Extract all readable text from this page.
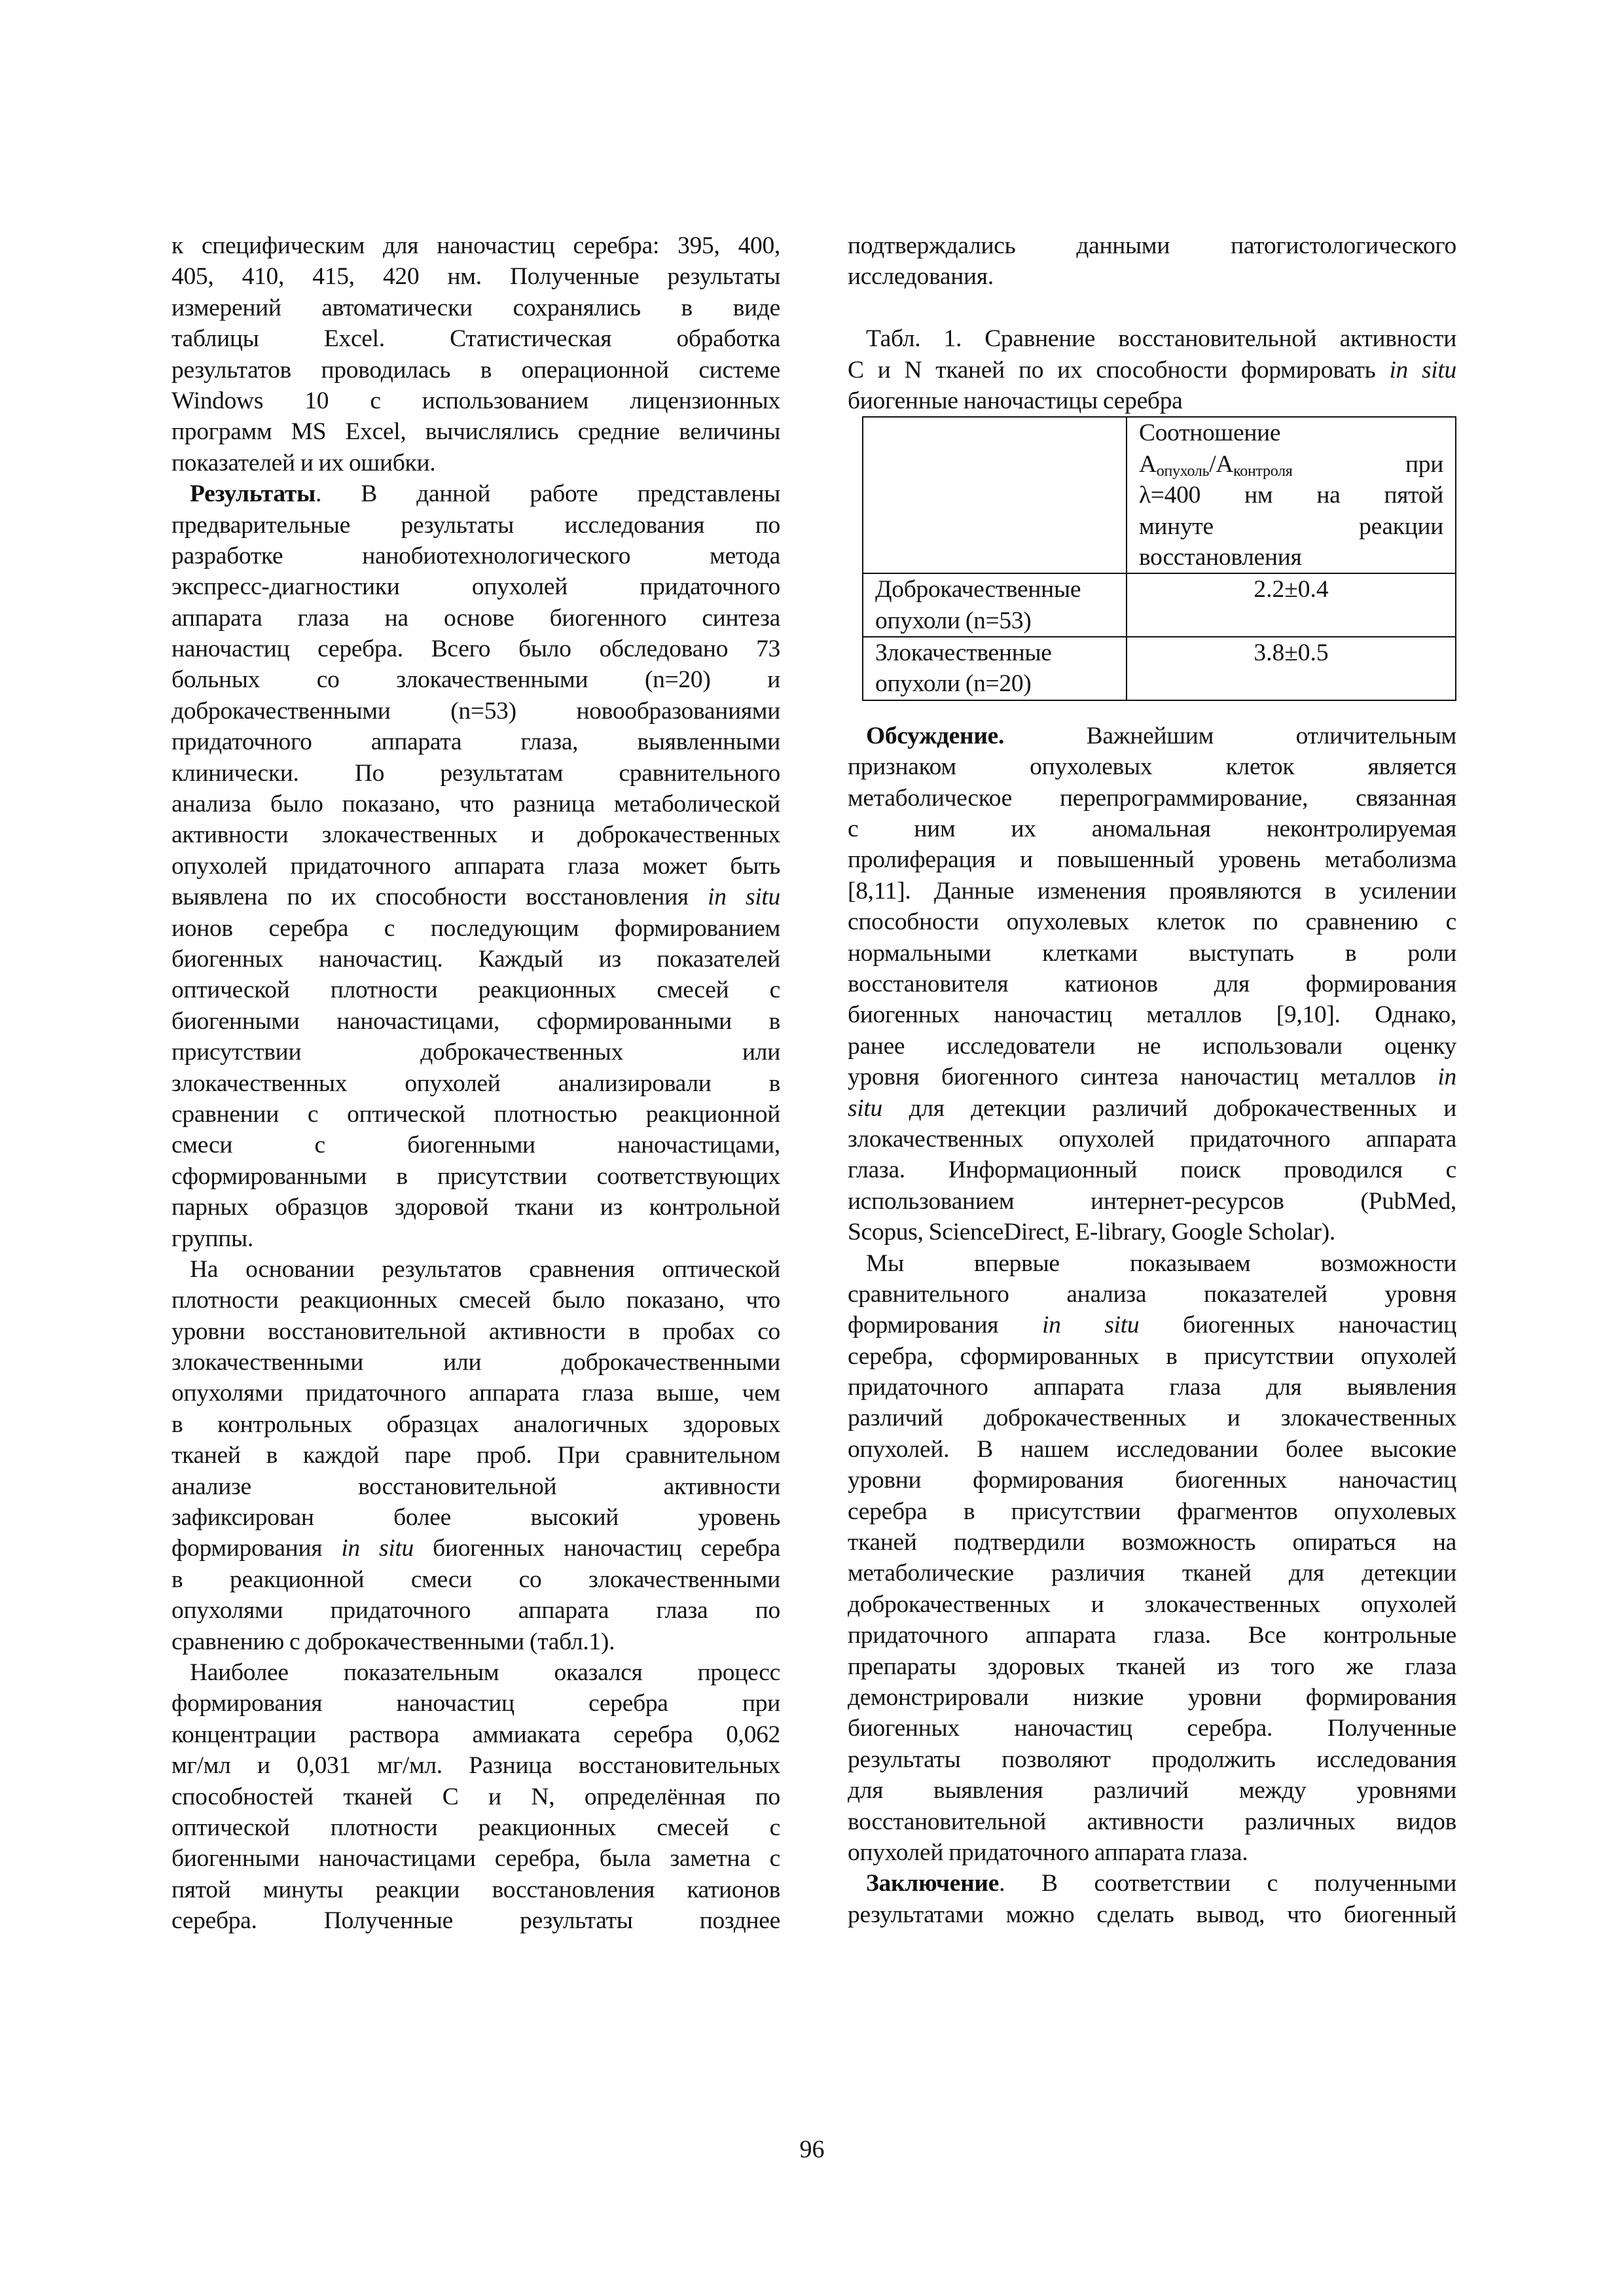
к специфическим для наночастиц серебра: 395, 400,
405, 410, 415, 420 нм. Полученные результаты
измерений автоматически сохранялись в виде
таблицы Excel. Статистическая обработка
результатов проводилась в операционной системе
Windows 10 с использованием лицензионных
программ MS Excel, вычислялись средние величины
показателей и их ошибки.
Результаты. В данной работе представлены
предварительные результаты исследования по
разработке нанобиотехнологического метода
экспресс-диагностики опухолей придаточного
аппарата глаза на основе биогенного синтеза
наночастиц серебра. Всего было обследовано 73
больных со злокачественными (n=20) и
доброкачественными (n=53) новообразованиями
придаточного аппарата глаза, выявленными
клинически. По результатам сравнительного
анализа было показано, что разница метаболической
активности злокачественных и доброкачественных
опухолей придаточного аппарата глаза может быть
выявлена по их способности восстановления in situ
ионов серебра с последующим формированием
биогенных наночастиц. Каждый из показателей
оптической плотности реакционных смесей с
биогенными наночастицами, сформированными в
присутствии доброкачественных или
злокачественных опухолей анализировали в
сравнении с оптической плотностью реакционной
смеси с биогенными наночастицами,
сформированными в присутствии соответствующих
парных образцов здоровой ткани из контрольной
группы.
На основании результатов сравнения оптической
плотности реакционных смесей было показано, что
уровни восстановительной активности в пробах со
злокачественными или доброкачественными
опухолями придаточного аппарата глаза выше, чем
в контрольных образцах аналогичных здоровых
тканей в каждой паре проб. При сравнительном
анализе восстановительной активности
зафиксирован более высокий уровень
формирования in situ биогенных наночастиц серебра
в реакционной смеси со злокачественными
опухолями придаточного аппарата глаза по
сравнению с доброкачественными (табл.1).
Наиболее показательным оказался процесс
формирования наночастиц серебра при
концентрации раствора аммиаката серебра 0,062
мг/мл и 0,031 мг/мл. Разница восстановительных
способностей тканей С и N, определённая по
оптической плотности реакционных смесей с
биогенными наночастицами серебра, была заметна с
пятой минуты реакции восстановления катионов
серебра. Полученные результаты позднее
подтверждались данными патогистологического
исследования.
Табл. 1. Сравнение восстановительной активности
С и N тканей по их способности формировать in situ
биогенные наночастицы серебра

	Соотношение
$А_{опухоль}/А_{контроля}$ при
λ=400 нм на пятой
минуте реакции
восстановления

Доброкачественные
опухоли (n=53)	2.2±0.4

Злокачественные
опухоли (n=20)	3.8±0.5
Обсуждение. Важнейшим отличительным
признаком опухолевых клеток является
метаболическое перепрограммирование, связанная
с ним их аномальная неконтролируемая
пролиферация и повышенный уровень метаболизма
[8,11]. Данные изменения проявляются в усилении
способности опухолевых клеток по сравнению с
нормальными клетками выступать в роли
восстановителя катионов для формирования
биогенных наночастиц металлов [9,10]. Однако,
ранее исследователи не использовали оценку
уровня биогенного синтеза наночастиц металлов in
situ для детекции различий доброкачественных и
злокачественных опухолей придаточного аппарата
глаза. Информационный поиск проводился с
использованием интернет-ресурсов (PubMed,
Scopus, ScienceDirect, E-library, Google Scholar).
Мы впервые показываем возможности
сравнительного анализа показателей уровня
формирования in situ биогенных наночастиц
серебра, сформированных в присутствии опухолей
придаточного аппарата глаза для выявления
различий доброкачественных и злокачественных
опухолей. В нашем исследовании более высокие
уровни формирования биогенных наночастиц
серебра в присутствии фрагментов опухолевых
тканей подтвердили возможность опираться на
метаболические различия тканей для детекции
доброкачественных и злокачественных опухолей
придаточного аппарата глаза. Все контрольные
препараты здоровых тканей из того же глаза
демонстрировали низкие уровни формирования
биогенных наночастиц серебра. Полученные
результаты позволяют продолжить исследования
для выявления различий между уровнями
восстановительной активности различных видов
опухолей придаточного аппарата глаза.
Заключение. В соответствии с полученными
результатами можно сделать вывод, что биогенный
96
